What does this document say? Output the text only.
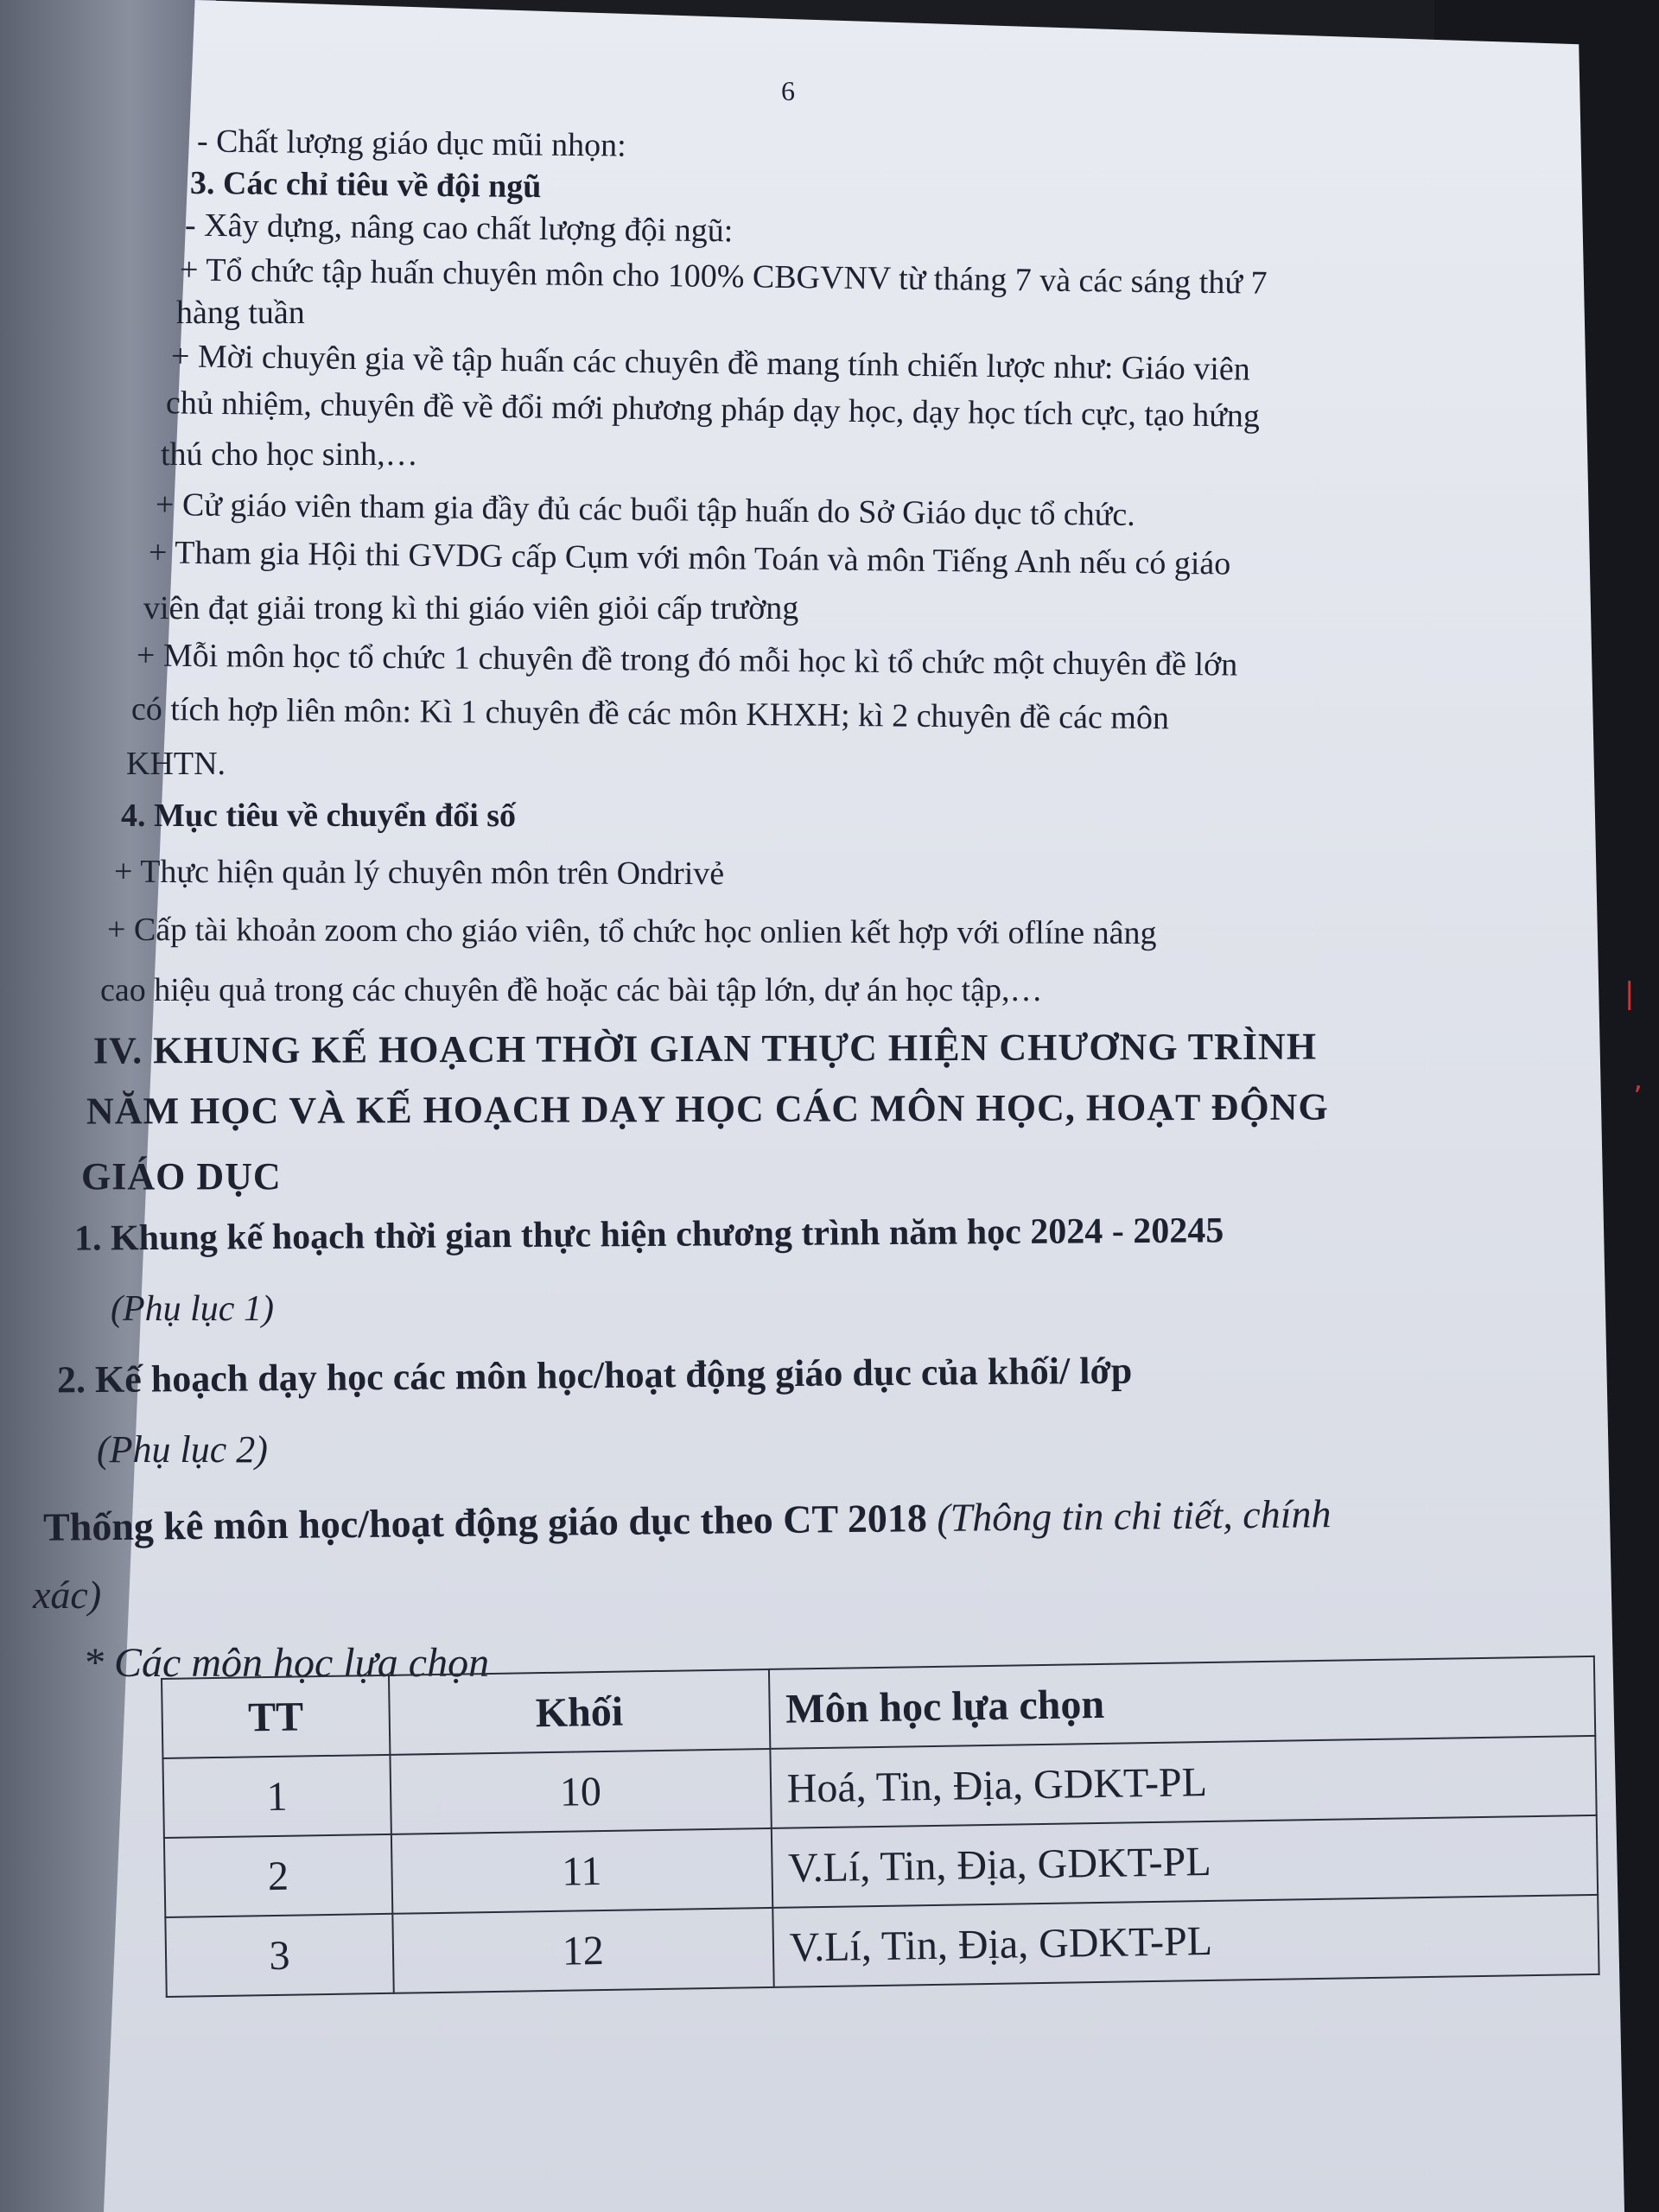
6
- Chất lượng giáo dục mũi nhọn:
3. Các chỉ tiêu về đội ngũ
- Xây dựng, nâng cao chất lượng đội ngũ:
+ Tổ chức tập huấn chuyên môn cho 100% CBGVNV từ tháng 7 và các sáng thứ 7
hàng tuần
+ Mời chuyên gia về tập huấn các chuyên đề mang tính chiến lược như: Giáo viên
chủ nhiệm, chuyên đề về đổi mới phương pháp dạy học, dạy học tích cực, tạo hứng
thú cho học sinh,…
+ Cử giáo viên tham gia đầy đủ các buổi tập huấn do Sở Giáo dục tổ chức.
+ Tham gia Hội thi GVDG cấp Cụm với môn Toán và môn Tiếng Anh nếu có giáo
viên đạt giải trong kì thi giáo viên giỏi cấp trường
+ Mỗi môn học tổ chức 1 chuyên đề trong đó mỗi học kì tổ chức một chuyên đề lớn
có tích hợp liên môn: Kì 1 chuyên đề các môn KHXH; kì 2 chuyên đề các môn
KHTN.
4. Mục tiêu về chuyển đổi số
+ Thực hiện quản lý chuyên môn trên Ondrivẻ
+ Cấp tài khoản zoom cho giáo viên, tổ chức học onlien kết hợp với oflíne nâng
cao hiệu quả trong các chuyên đề hoặc các bài tập lớn, dự án học tập,…
IV. KHUNG KẾ HOẠCH THỜI GIAN THỰC HIỆN CHƯƠNG TRÌNH
NĂM HỌC VÀ KẾ HOẠCH DẠY HỌC CÁC MÔN HỌC, HOẠT ĐỘNG
GIÁO DỤC
1. Khung kế hoạch thời gian thực hiện chương trình năm học 2024 - 20245
(Phụ lục 1)
2. Kế hoạch dạy học các môn học/hoạt động giáo dục của khối/ lớp
(Phụ lục 2)
Thống kê môn học/hoạt động giáo dục theo CT 2018 (Thông tin chi tiết, chính
xác)
* Các môn học lựa chọn
|
ʼ
TT	Khối	Môn học lựa chọn
1	10	Hoá, Tin, Địa, GDKT-PL
2	11	V.Lí, Tin, Địa, GDKT-PL
3	12	V.Lí, Tin, Địa, GDKT-PL
